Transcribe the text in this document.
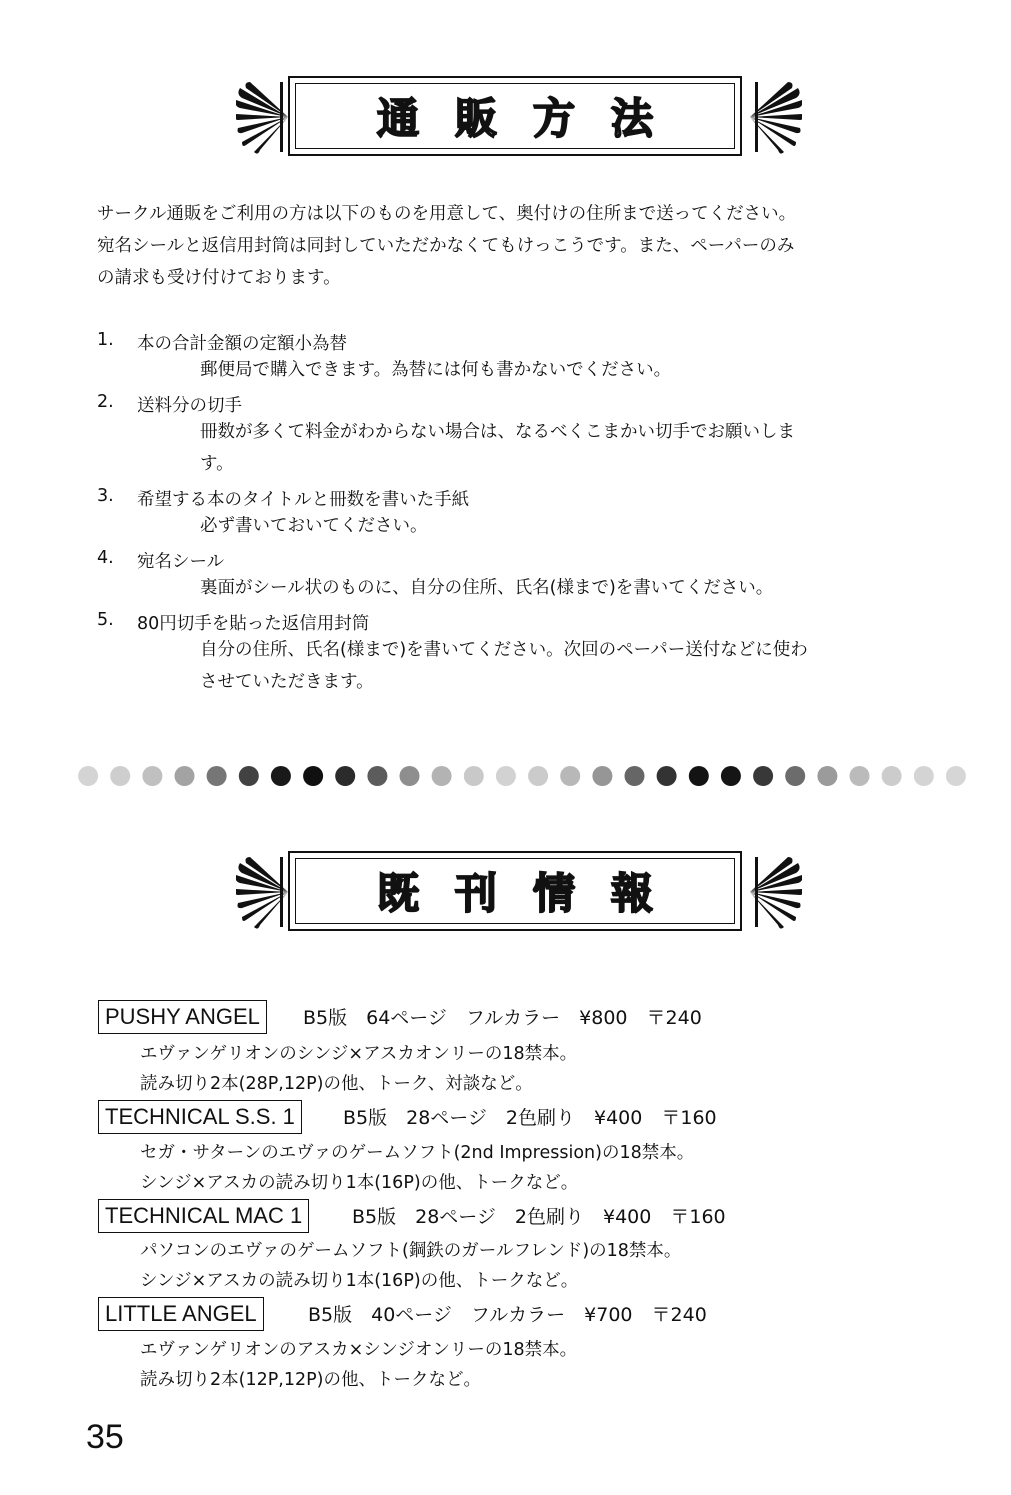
通販方法
サークル通販をご利用の方は以下のものを用意して、奥付けの住所まで送ってください。
宛名シールと返信用封筒は同封していただかなくてもけっこうです。また、ペーパーのみ
の請求も受け付けております。
1. 本の合計金額の定額小為替
郵便局で購入できます。為替には何も書かないでください。
2. 送料分の切手
冊数が多くて料金がわからない場合は、なるべくこまかい切手でお願いしま
す。
3. 希望する本のタイトルと冊数を書いた手紙
必ず書いておいてください。
4. 宛名シール
裏面がシール状のものに、自分の住所、氏名(様まで)を書いてください。
5. 80円切手を貼った返信用封筒
自分の住所、氏名(様まで)を書いてください。次回のペーパー送付などに使わ
させていただきます。
既刊情報
PUSHY ANGEL	B5版　64ページ　フルカラー　¥800　〒240
エヴァンゲリオンのシンジ×アスカオンリーの18禁本。
読み切り2本(28P,12P)の他、トーク、対談など。
TECHNICAL S.S. 1	B5版　28ページ　2色刷り　¥400　〒160
セガ・サターンのエヴァのゲームソフト(2nd Impression)の18禁本。
シンジ×アスカの読み切り1本(16P)の他、トークなど。
TECHNICAL MAC 1	B5版　28ページ　2色刷り　¥400　〒160
パソコンのエヴァのゲームソフト(鋼鉄のガールフレンド)の18禁本。
シンジ×アスカの読み切り1本(16P)の他、トークなど。
LITTLE ANGEL	B5版　40ページ　フルカラー　¥700　〒240
エヴァンゲリオンのアスカ×シンジオンリーの18禁本。
読み切り2本(12P,12P)の他、トークなど。
35
